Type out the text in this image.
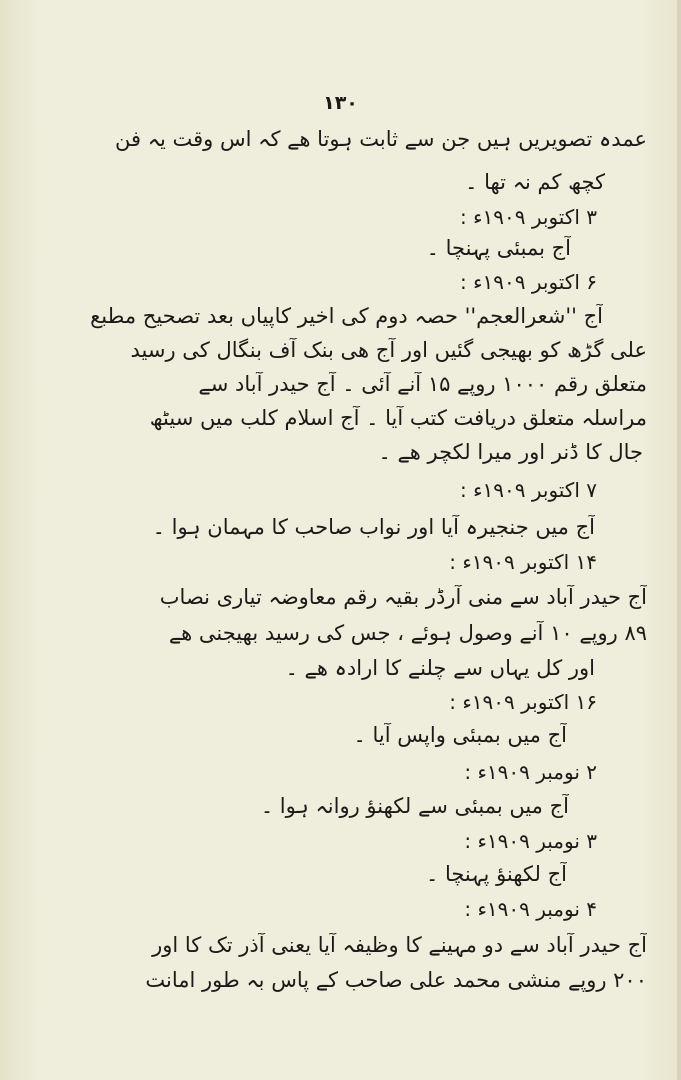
۱۳۰
عمدہ تصویریں ہیں جن سے ثابت ہوتا ھے کہ اس وقت یہ فن
کچھ کم نہ تھا ۔
۳ اکتوبر ۱۹۰۹ء :
آج بمبئی پہنچا ۔
۶ اکتوبر ۱۹۰۹ء :
آج ''شعرالعجم'' حصہ دوم کی اخیر کاپیاں بعد تصحیح مطبع
علی گڑھ کو بھیجی گئیں اور آج ھی بنک آف بنگال کی رسید
متعلق رقم ۱۰۰۰ روپے ۱۵ آنے آئی ۔ آج حیدر آباد سے
مراسلہ متعلق دریافت کتب آیا ۔ آج اسلام کلب میں سیٹھ
جال کا ڈنر اور میرا لکچر ھے ۔
۷ اکتوبر ۱۹۰۹ء :
آج میں جنجیرہ آیا اور نواب صاحب کا مہمان ہوا ۔
۱۴ اکتوبر ۱۹۰۹ء :
آج حیدر آباد سے منی آرڈر بقیہ رقم معاوضہ تیاری نصاب
۸۹ روپے ۱۰ آنے وصول ہوئے ، جس کی رسید بھیجنی ھے
اور کل یہاں سے چلنے کا ارادہ ھے ۔
۱۶ اکتوبر ۱۹۰۹ء :
آج میں بمبئی واپس آیا ۔
۲ نومبر ۱۹۰۹ء :
آج میں بمبئی سے لکھنؤ روانہ ہوا ۔
۳ نومبر ۱۹۰۹ء :
آج لکھنؤ پہنچا ۔
۴ نومبر ۱۹۰۹ء :
آج حیدر آباد سے دو مہینے کا وظیفہ آیا یعنی آذر تک کا اور
۲۰۰ روپے منشی محمد علی صاحب کے پاس بہ طور امانت
